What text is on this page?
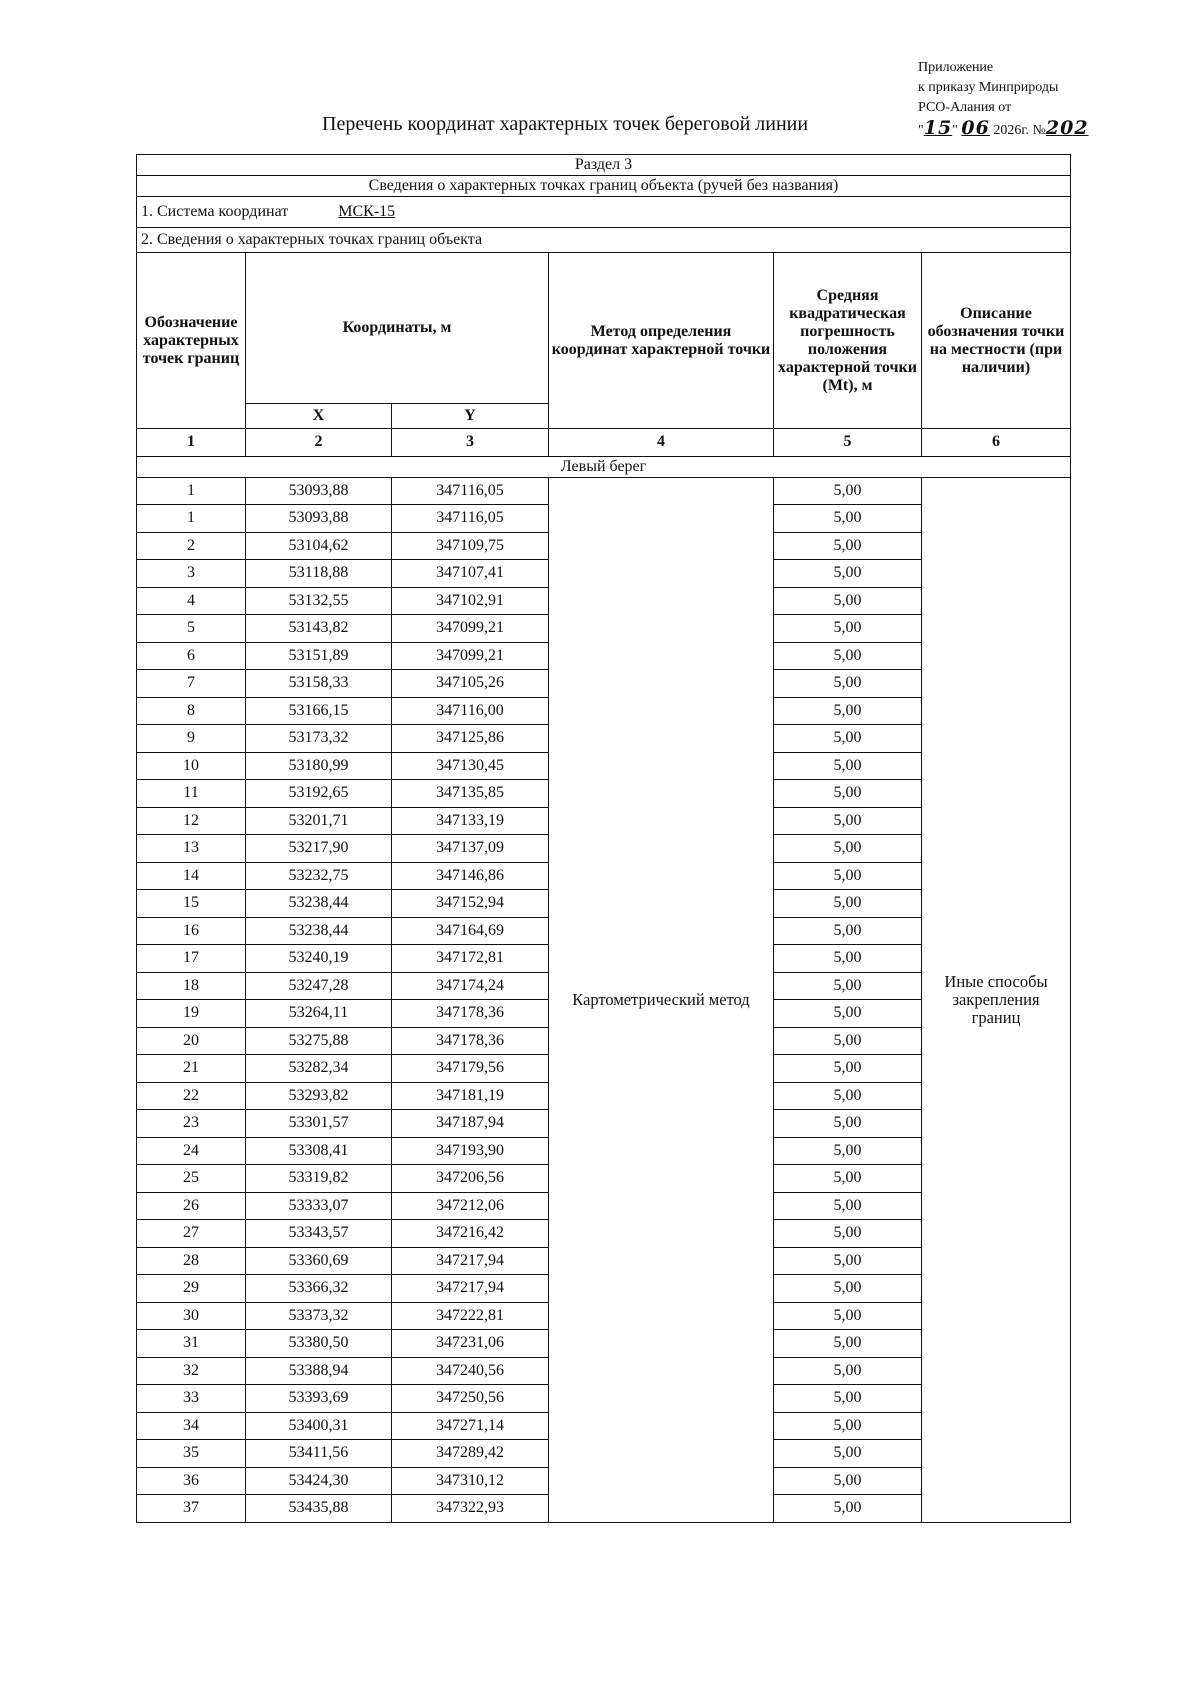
Приложение
к приказу Минприроды
РСО-Алания от
"15" 06 2026г. №202
Перечень координат характерных точек береговой линии
Раздел 3					
Сведения о характерных точках границ объекта (ручей без названия)					
1. Система координат МСК-15					
2. Сведения о характерных точках границ объекта					
Обозначение характерных точек границ	Координаты, м		Метод определения координат характерной точки	Средняя квадратическая погрешность положения характерной точки (Mt), м	Описание обозначения точки на местности (при наличии)
	X	Y			
1	2	3	4	5	6
Левый берег					
1	53093,88	347116,05	Картометрический метод	5,00	Иные способы закрепления границ
1	53093,88	347116,05		5,00	
2	53104,62	347109,75		5,00	
3	53118,88	347107,41		5,00	
4	53132,55	347102,91		5,00	
5	53143,82	347099,21		5,00	
6	53151,89	347099,21		5,00	
7	53158,33	347105,26		5,00	
8	53166,15	347116,00		5,00	
9	53173,32	347125,86		5,00	
10	53180,99	347130,45		5,00	
11	53192,65	347135,85		5,00	
12	53201,71	347133,19		5,00	
13	53217,90	347137,09		5,00	
14	53232,75	347146,86		5,00	
15	53238,44	347152,94		5,00	
16	53238,44	347164,69		5,00	
17	53240,19	347172,81		5,00	
18	53247,28	347174,24		5,00	
19	53264,11	347178,36		5,00	
20	53275,88	347178,36		5,00	
21	53282,34	347179,56		5,00	
22	53293,82	347181,19		5,00	
23	53301,57	347187,94		5,00	
24	53308,41	347193,90		5,00	
25	53319,82	347206,56		5,00	
26	53333,07	347212,06		5,00	
27	53343,57	347216,42		5,00	
28	53360,69	347217,94		5,00	
29	53366,32	347217,94		5,00	
30	53373,32	347222,81		5,00	
31	53380,50	347231,06		5,00	
32	53388,94	347240,56		5,00	
33	53393,69	347250,56		5,00	
34	53400,31	347271,14		5,00	
35	53411,56	347289,42		5,00	
36	53424,30	347310,12		5,00	
37	53435,88	347322,93		5,00	
